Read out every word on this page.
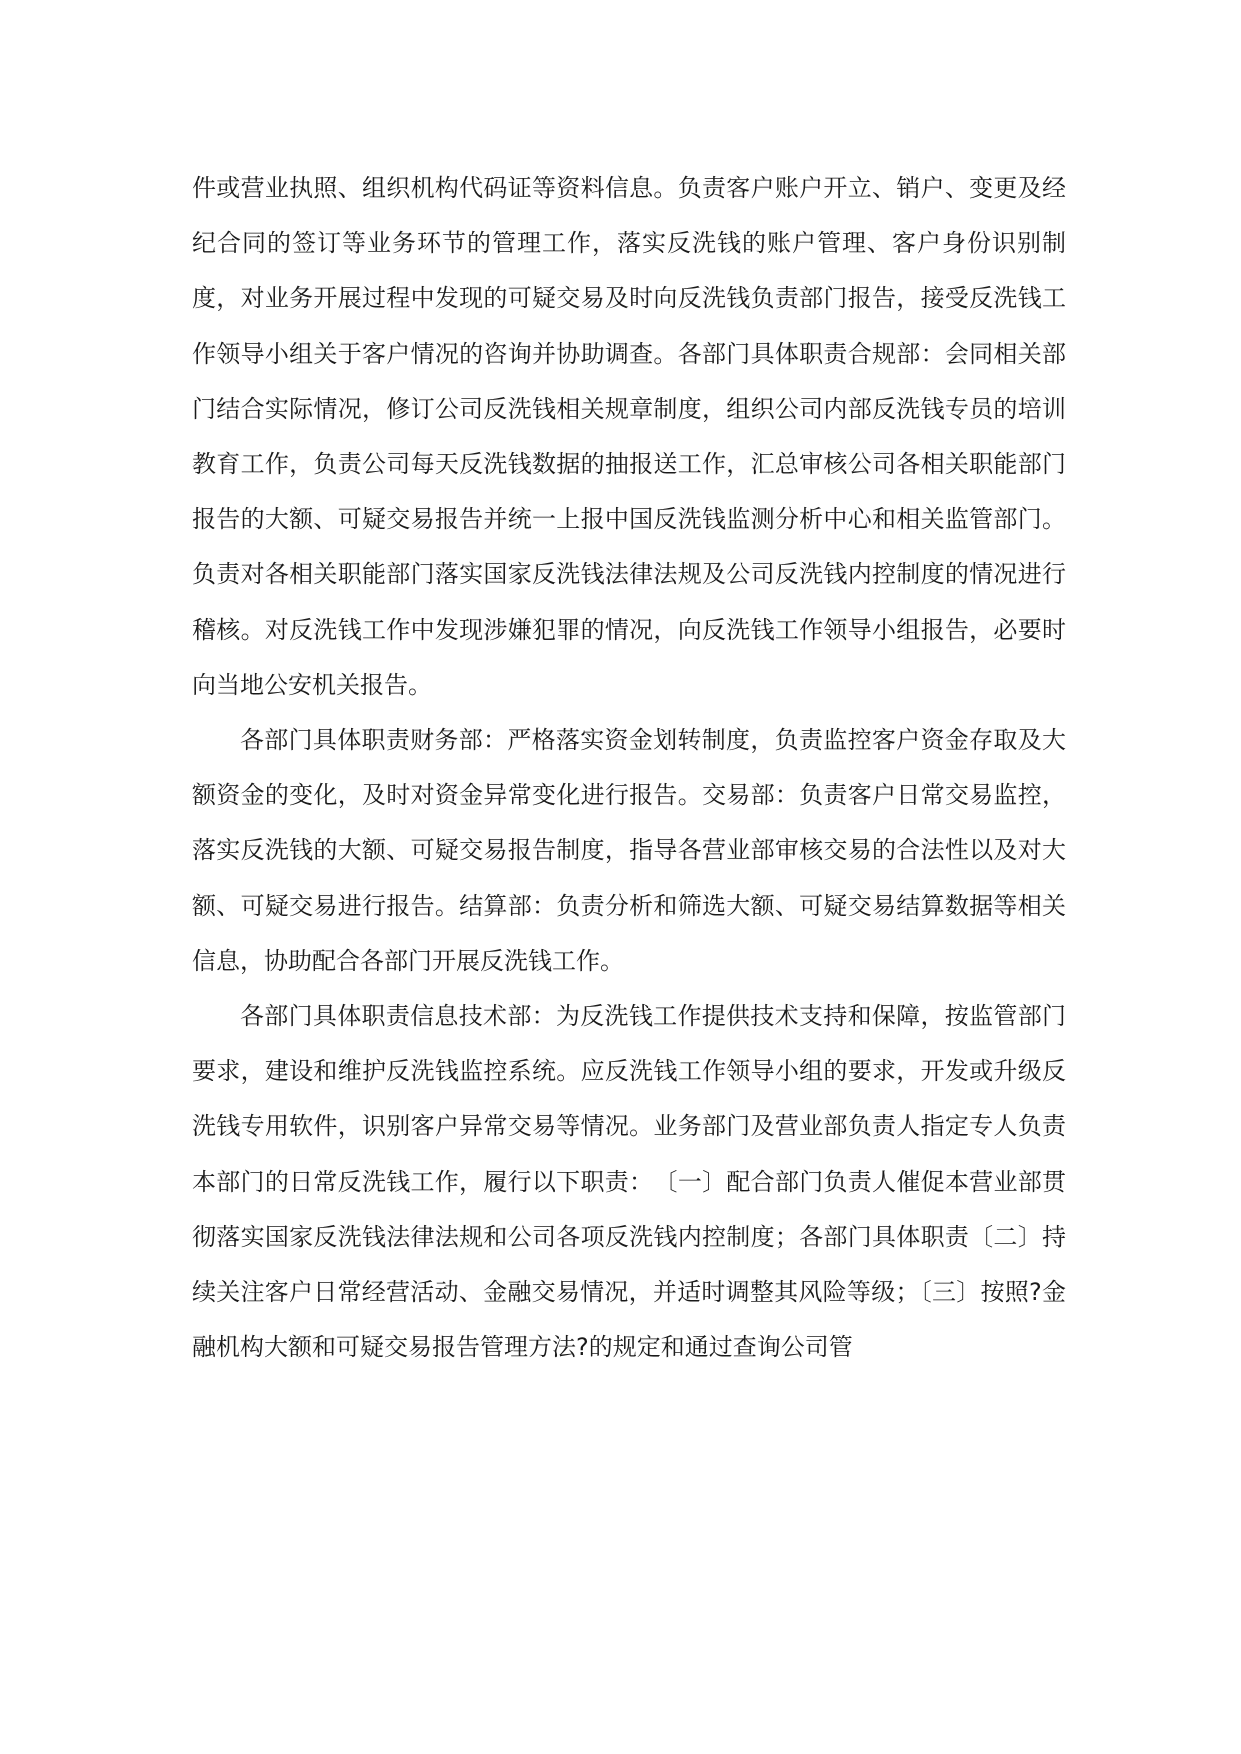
件或营业执照、组织机构代码证等资料信息。负责客户账户开立、销户、变更及经纪合同的签订等业务环节的管理工作，落实反洗钱的账户管理、客户身份识别制度，对业务开展过程中发现的可疑交易及时向反洗钱负责部门报告，接受反洗钱工作领导小组关于客户情况的咨询并协助调查。各部门具体职责合规部：会同相关部门结合实际情况，修订公司反洗钱相关规章制度，组织公司内部反洗钱专员的培训教育工作，负责公司每天反洗钱数据的抽报送工作，汇总审核公司各相关职能部门报告的大额、可疑交易报告并统一上报中国反洗钱监测分析中心和相关监管部门。负责对各相关职能部门落实国家反洗钱法律法规及公司反洗钱内控制度的情况进行稽核。对反洗钱工作中发现涉嫌犯罪的情况，向反洗钱工作领导小组报告，必要时向当地公安机关报告。

各部门具体职责财务部：严格落实资金划转制度，负责监控客户资金存取及大额资金的变化，及时对资金异常变化进行报告。交易部：负责客户日常交易监控，落实反洗钱的大额、可疑交易报告制度，指导各营业部审核交易的合法性以及对大额、可疑交易进行报告。结算部：负责分析和筛选大额、可疑交易结算数据等相关信息，协助配合各部门开展反洗钱工作。

各部门具体职责信息技术部：为反洗钱工作提供技术支持和保障，按监管部门要求，建设和维护反洗钱监控系统。应反洗钱工作领导小组的要求，开发或升级反洗钱专用软件，识别客户异常交易等情况。业务部门及营业部负责人指定专人负责本部门的日常反洗钱工作，履行以下职责：　〔一〕配合部门负责人催促本营业部贯彻落实国家反洗钱法律法规和公司各项反洗钱内控制度；各部门具体职责〔二〕持续关注客户日常经营活动、金融交易情况，并适时调整其风险等级；〔三〕按照?金融机构大额和可疑交易报告管理方法?的规定和通过查询公司管
